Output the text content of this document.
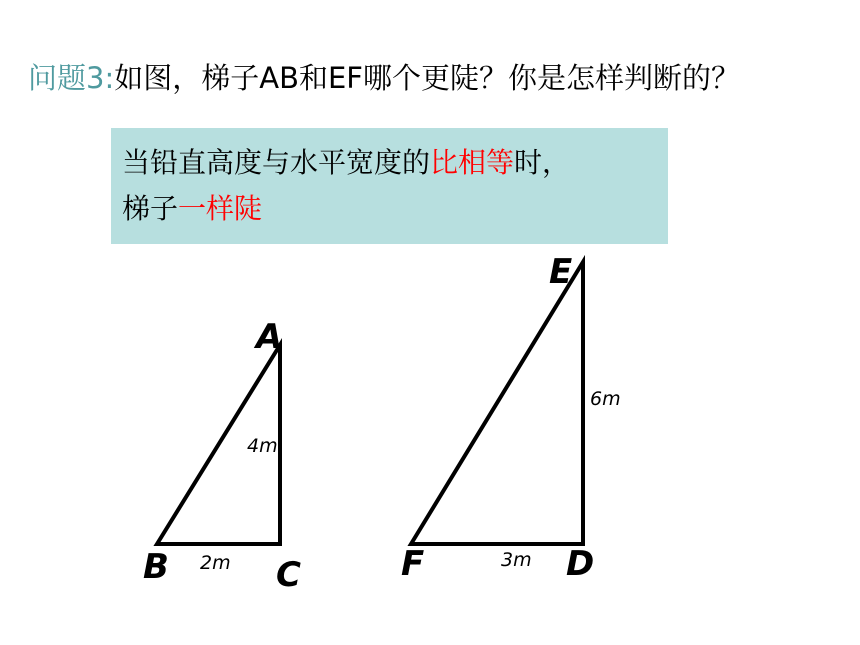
问题3:如图，梯子AB和EF哪个更陡？你是怎样判断的？
当铅直高度与水平宽度的比相等时，
梯子一样陡
A
B	C
4m
2m
E
F	D
6m
3m
